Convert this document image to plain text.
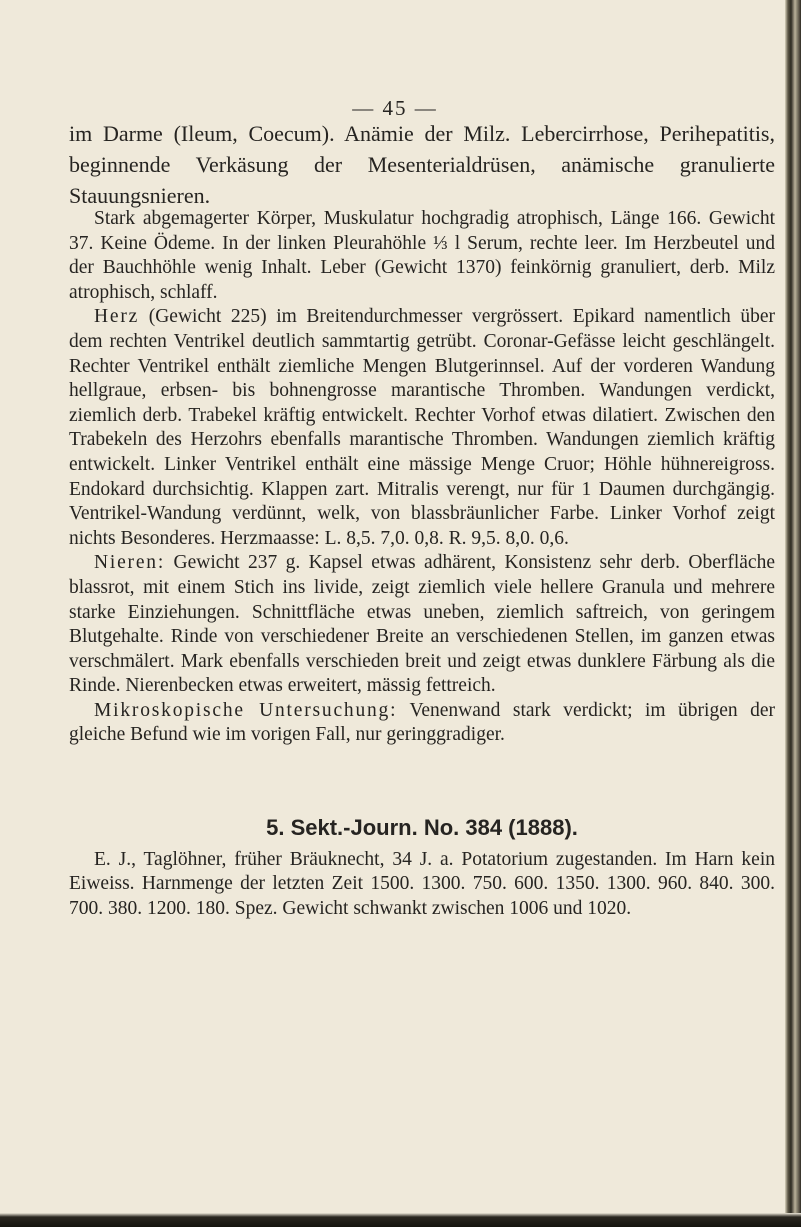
— 45 —

im Darme (Ileum, Coecum). Anämie der Milz. Lebercirrhose, Perihepatitis, beginnende Verkäsung der Mesenterialdrüsen, anämische granulierte Stauungsnieren.

Stark abgemagerter Körper, Muskulatur hochgradig atrophisch, Länge 166. Gewicht 37. Keine Ödeme. In der linken Pleurahöhle ⅓ l Serum, rechte leer. Im Herzbeutel und der Bauchhöhle wenig Inhalt. Leber (Gewicht 1370) feinkörnig granuliert, derb. Milz atrophisch, schlaff.

Herz (Gewicht 225) im Breitendurchmesser vergrössert. Epikard namentlich über dem rechten Ventrikel deutlich sammtartig getrübt. Coronar-Gefässe leicht geschlängelt. Rechter Ventrikel enthält ziemliche Mengen Blutgerinnsel. Auf der vorderen Wandung hellgraue, erbsen- bis bohnengrosse marantische Thromben. Wandungen verdickt, ziemlich derb. Trabekel kräftig entwickelt. Rechter Vorhof etwas dilatiert. Zwischen den Trabekeln des Herzohrs ebenfalls marantische Thromben. Wandungen ziemlich kräftig entwickelt. Linker Ventrikel enthält eine mässige Menge Cruor; Höhle hühnereigross. Endokard durchsichtig. Klappen zart. Mitralis verengt, nur für 1 Daumen durchgängig. Ventrikel-Wandung verdünnt, welk, von blassbräunlicher Farbe. Linker Vorhof zeigt nichts Besonderes. Herzmaasse: L. 8,5. 7,0. 0,8. R. 9,5. 8,0. 0,6.

Nieren: Gewicht 237 g. Kapsel etwas adhärent, Konsistenz sehr derb. Oberfläche blassrot, mit einem Stich ins livide, zeigt ziemlich viele hellere Granula und mehrere starke Einziehungen. Schnittfläche etwas uneben, ziemlich saftreich, von geringem Blutgehalte. Rinde von verschiedener Breite an verschiedenen Stellen, im ganzen etwas verschmälert. Mark ebenfalls verschieden breit und zeigt etwas dunklere Färbung als die Rinde. Nierenbecken etwas erweitert, mässig fettreich.

Mikroskopische Untersuchung: Venenwand stark verdickt; im übrigen der gleiche Befund wie im vorigen Fall, nur geringgradiger.

5. Sekt.-Journ. No. 384 (1888).

E. J., Taglöhner, früher Bräuknecht, 34 J. a. Potatorium zugestanden. Im Harn kein Eiweiss. Harnmenge der letzten Zeit 1500. 1300. 750. 600. 1350. 1300. 960. 840. 300. 700. 380. 1200. 180. Spez. Gewicht schwankt zwischen 1006 und 1020.
